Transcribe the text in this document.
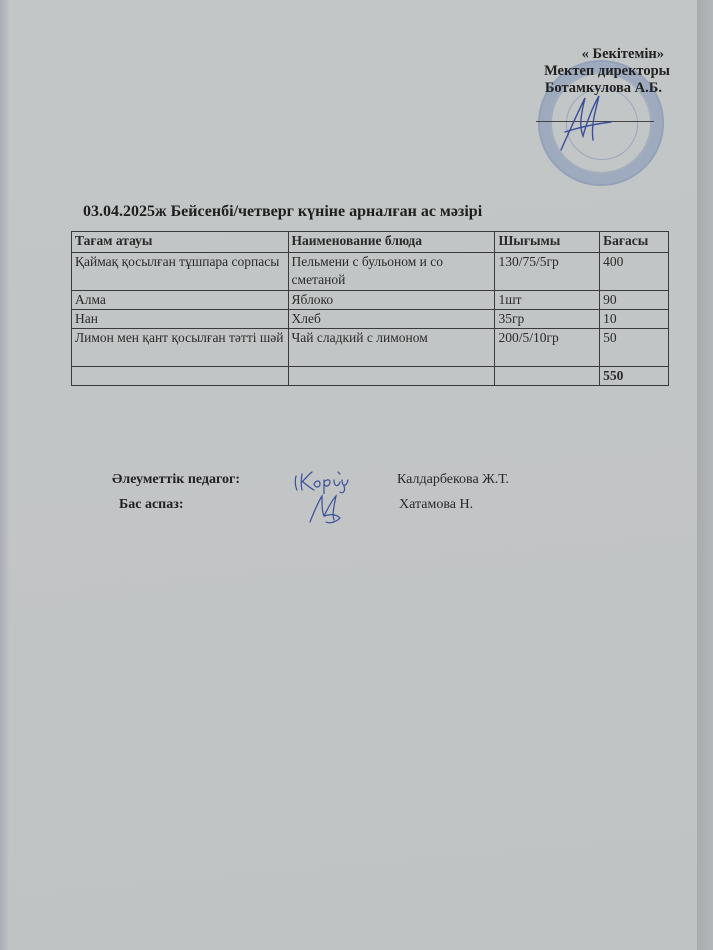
« Бекітемін»
Мектеп директоры
Ботамкулова А.Б.
03.04.2025ж Бейсенбі/четверг күніне арналған ас мәзірі
Тағам атауы	Наименование блюда	Шығымы	Бағасы
Қаймақ қосылған тұшпара сорпасы	Пельмени с бульоном и со сметаной	130/75/5гр	400
Алма	Яблоко	1шт	90
Нан	Хлеб	35гр	10
Лимон мен қант қосылған тәтті шәй	Чай сладкий с лимоном	200/5/10гр	50
			550
Әлеуметтік педагог:	Калдарбекова Ж.Т.
Бас аспаз:	Хатамова Н.
